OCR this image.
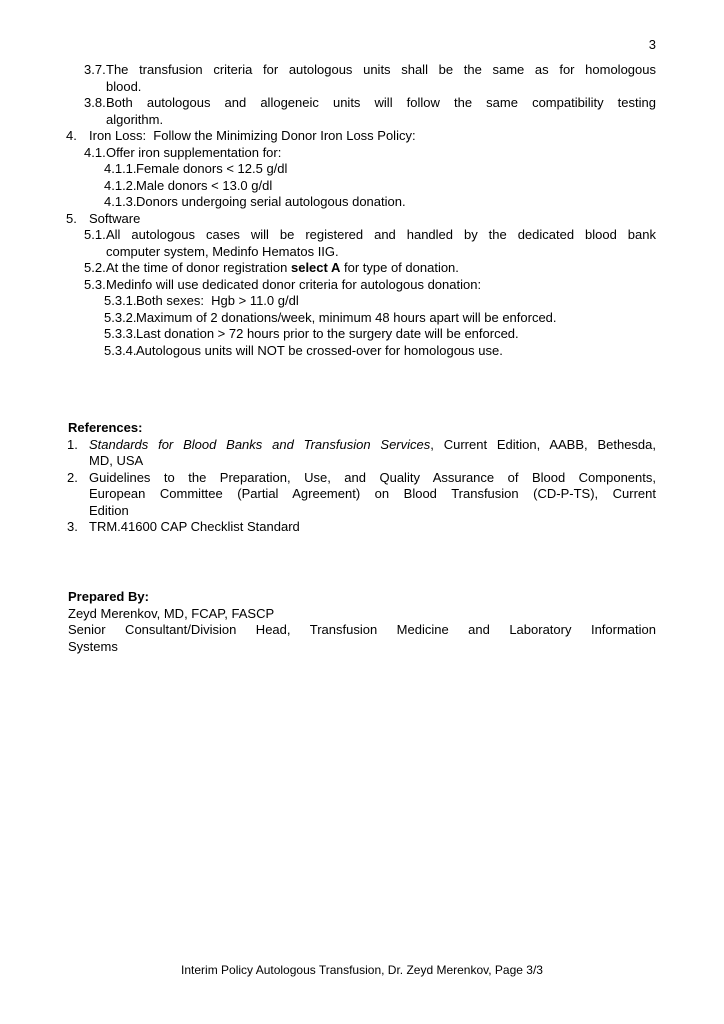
3
3.7. The transfusion criteria for autologous units shall be the same as for homologous
blood.
3.8. Both autologous and allogeneic units will follow the same compatibility testing
algorithm.
4. Iron Loss:  Follow the Minimizing Donor Iron Loss Policy:
4.1. Offer iron supplementation for:
4.1.1. Female donors < 12.5 g/dl
4.1.2. Male donors < 13.0 g/dl
4.1.3. Donors undergoing serial autologous donation.
5. Software
5.1. All autologous cases will be registered and handled by the dedicated blood bank
computer system, Medinfo Hematos IIG.
5.2. At the time of donor registration select A for type of donation.
5.3. Medinfo will use dedicated donor criteria for autologous donation:
5.3.1. Both sexes:  Hgb > 11.0 g/dl
5.3.2. Maximum of 2 donations/week, minimum 48 hours apart will be enforced.
5.3.3. Last donation > 72 hours prior to the surgery date will be enforced.
5.3.4. Autologous units will NOT be crossed-over for homologous use.
References:
1. Standards for Blood Banks and Transfusion Services, Current Edition, AABB, Bethesda,
MD, USA
2. Guidelines to the Preparation, Use, and Quality Assurance of Blood Components,
European Committee (Partial Agreement) on Blood Transfusion (CD-P-TS), Current
Edition
3. TRM.41600 CAP Checklist Standard
Prepared By:
Zeyd Merenkov, MD, FCAP, FASCP
Senior Consultant/Division Head, Transfusion Medicine and Laboratory Information
Systems
Interim Policy Autologous Transfusion, Dr. Zeyd Merenkov, Page 3/3
